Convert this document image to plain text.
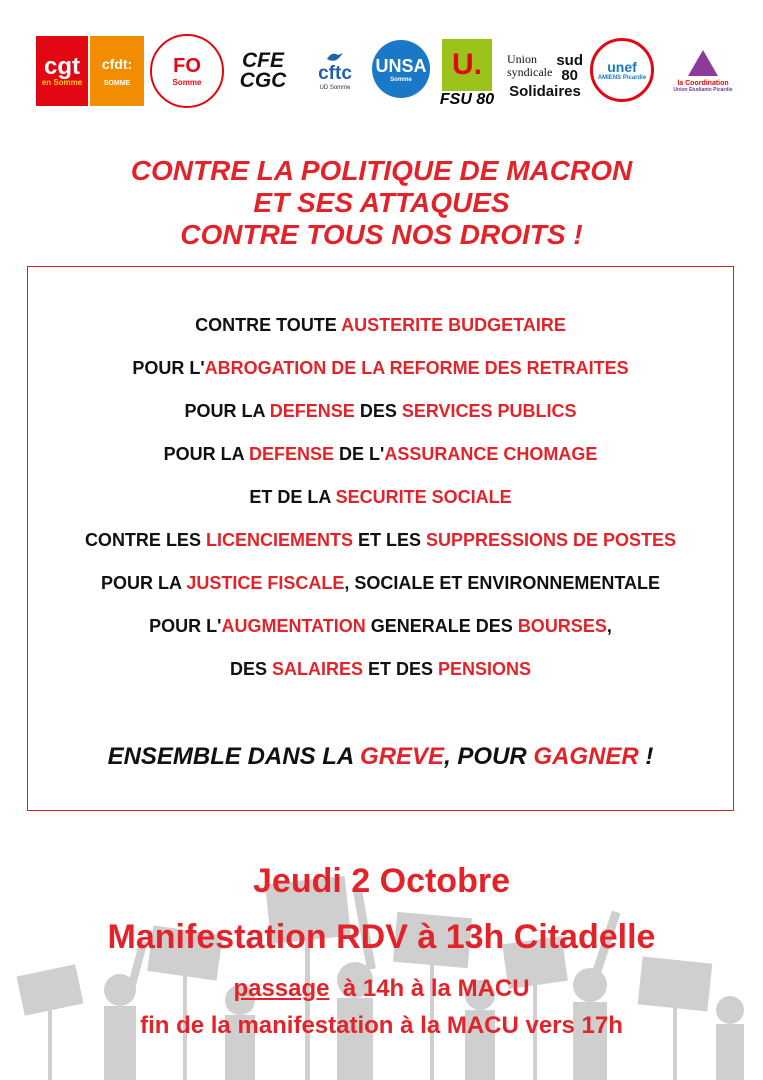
cgt
en Somme
cfdt:
SOMME
FO
Somme
CFE
CGC cftc
UD Somme
UNSA
Somme	U.
FSU 80
Union
syndicale
sud
80
Solidaires
unef
AMIENS Picardie
la Coordination
Union Étudiante Picardie
CONTRE LA POLITIQUE DE MACRON
ET SES ATTAQUES
CONTRE TOUS NOS DROITS !
CONTRE TOUTE AUSTERITE BUDGETAIRE
POUR L'ABROGATION DE LA REFORME DES RETRAITES
POUR LA DEFENSE DES SERVICES PUBLICS
POUR LA DEFENSE DE L'ASSURANCE CHOMAGE
ET DE LA SECURITE SOCIALE
CONTRE LES LICENCIEMENTS ET LES SUPPRESSIONS DE POSTES
POUR LA JUSTICE FISCALE, SOCIALE ET ENVIRONNEMENTALE
POUR L'AUGMENTATION GENERALE DES BOURSES,
DES SALAIRES ET DES PENSIONS
ENSEMBLE DANS LA GREVE, POUR GAGNER !
Jeudi 2 Octobre
Manifestation RDV à 13h Citadelle
passage  à 14h à la MACU
fin de la manifestation à la MACU vers 17h
